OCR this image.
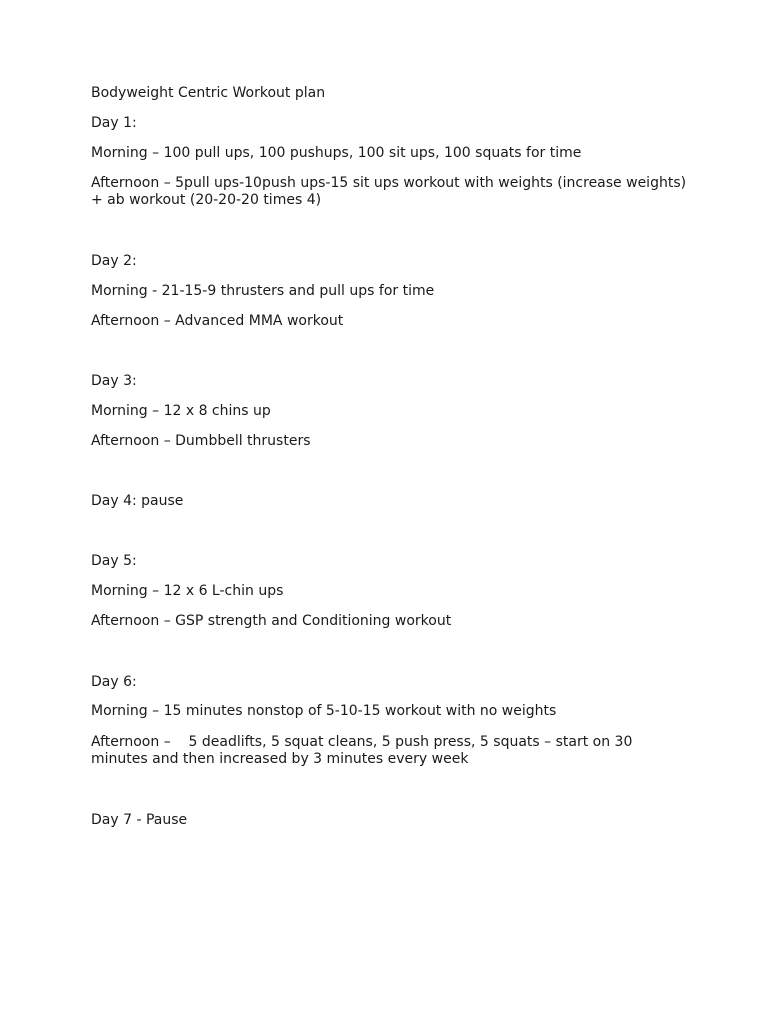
Bodyweight Centric Workout plan

Day 1:

Morning – 100 pull ups, 100 pushups, 100 sit ups, 100 squats for time

Afternoon – 5pull ups-10push ups-15 sit ups workout with weights (increase weights) + ab workout (20-20-20 times 4)

Day 2:

Morning - 21-15-9 thrusters and pull ups for time

Afternoon – Advanced MMA workout

Day 3:

Morning – 12 x 8 chins up

Afternoon – Dumbbell thrusters

Day 4: pause

Day 5:

Morning – 12 x 6 L-chin ups

Afternoon – GSP strength and Conditioning workout

Day 6:

Morning – 15 minutes nonstop of 5-10-15 workout with no weights

Afternoon –    5 deadlifts, 5 squat cleans, 5 push press, 5 squats – start on 30 minutes and then increased by 3 minutes every week

Day 7 - Pause
